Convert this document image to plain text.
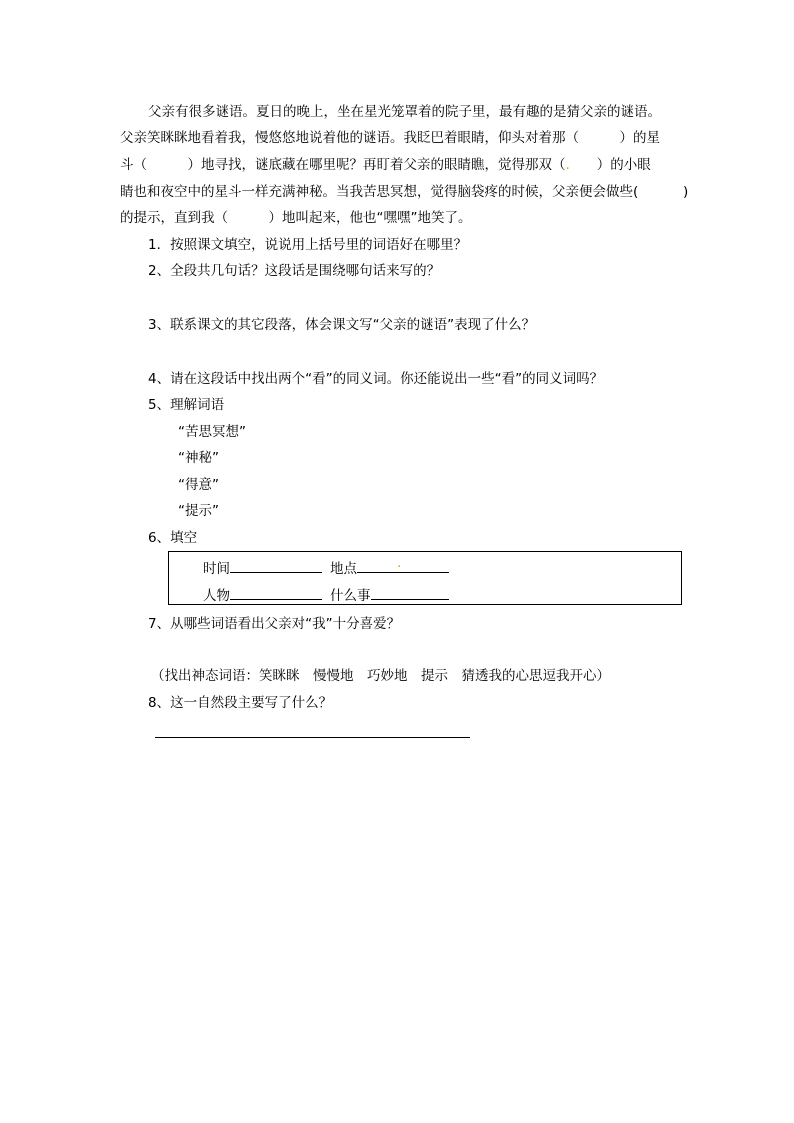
父亲有很多谜语。夏日的晚上，坐在星光笼罩着的院子里，最有趣的是猜父亲的谜语。
父亲笑眯眯地看着我，慢悠悠地说着他的谜语。我眨巴着眼睛，仰头对着那（　　　）的星
斗（　　　）地寻找，谜底藏在哪里呢？再盯着父亲的眼睛瞧，觉得那双（.　　）的小眼
睛也和夜空中的星斗一样充满神秘。当我苦思冥想，觉得脑袋疼的时候，父亲便会做些(　　　 )
的提示，直到我（　　　）地叫起来，他也“嘿嘿”地笑了。
1．按照课文填空，说说用上括号里的词语好在哪里？
2、全段共几句话？这段话是围绕哪句话来写的？
3、联系课文的其它段落，体会课文写“父亲的谜语”表现了什么？
4、请在这段话中找出两个“看”的同义词。你还能说出一些“看”的同义词吗？
5、理解词语
“苦思冥想”
“神秘”
“得意”
“提示”
6、填空
时间	地点	.
人物	什么事
7、从哪些词语看出父亲对“我”十分喜爱？
（找出神态词语：笑眯眯　慢慢地　巧妙地　提示　猜透我的心思逗我开心）
8、这一自然段主要写了什么？
